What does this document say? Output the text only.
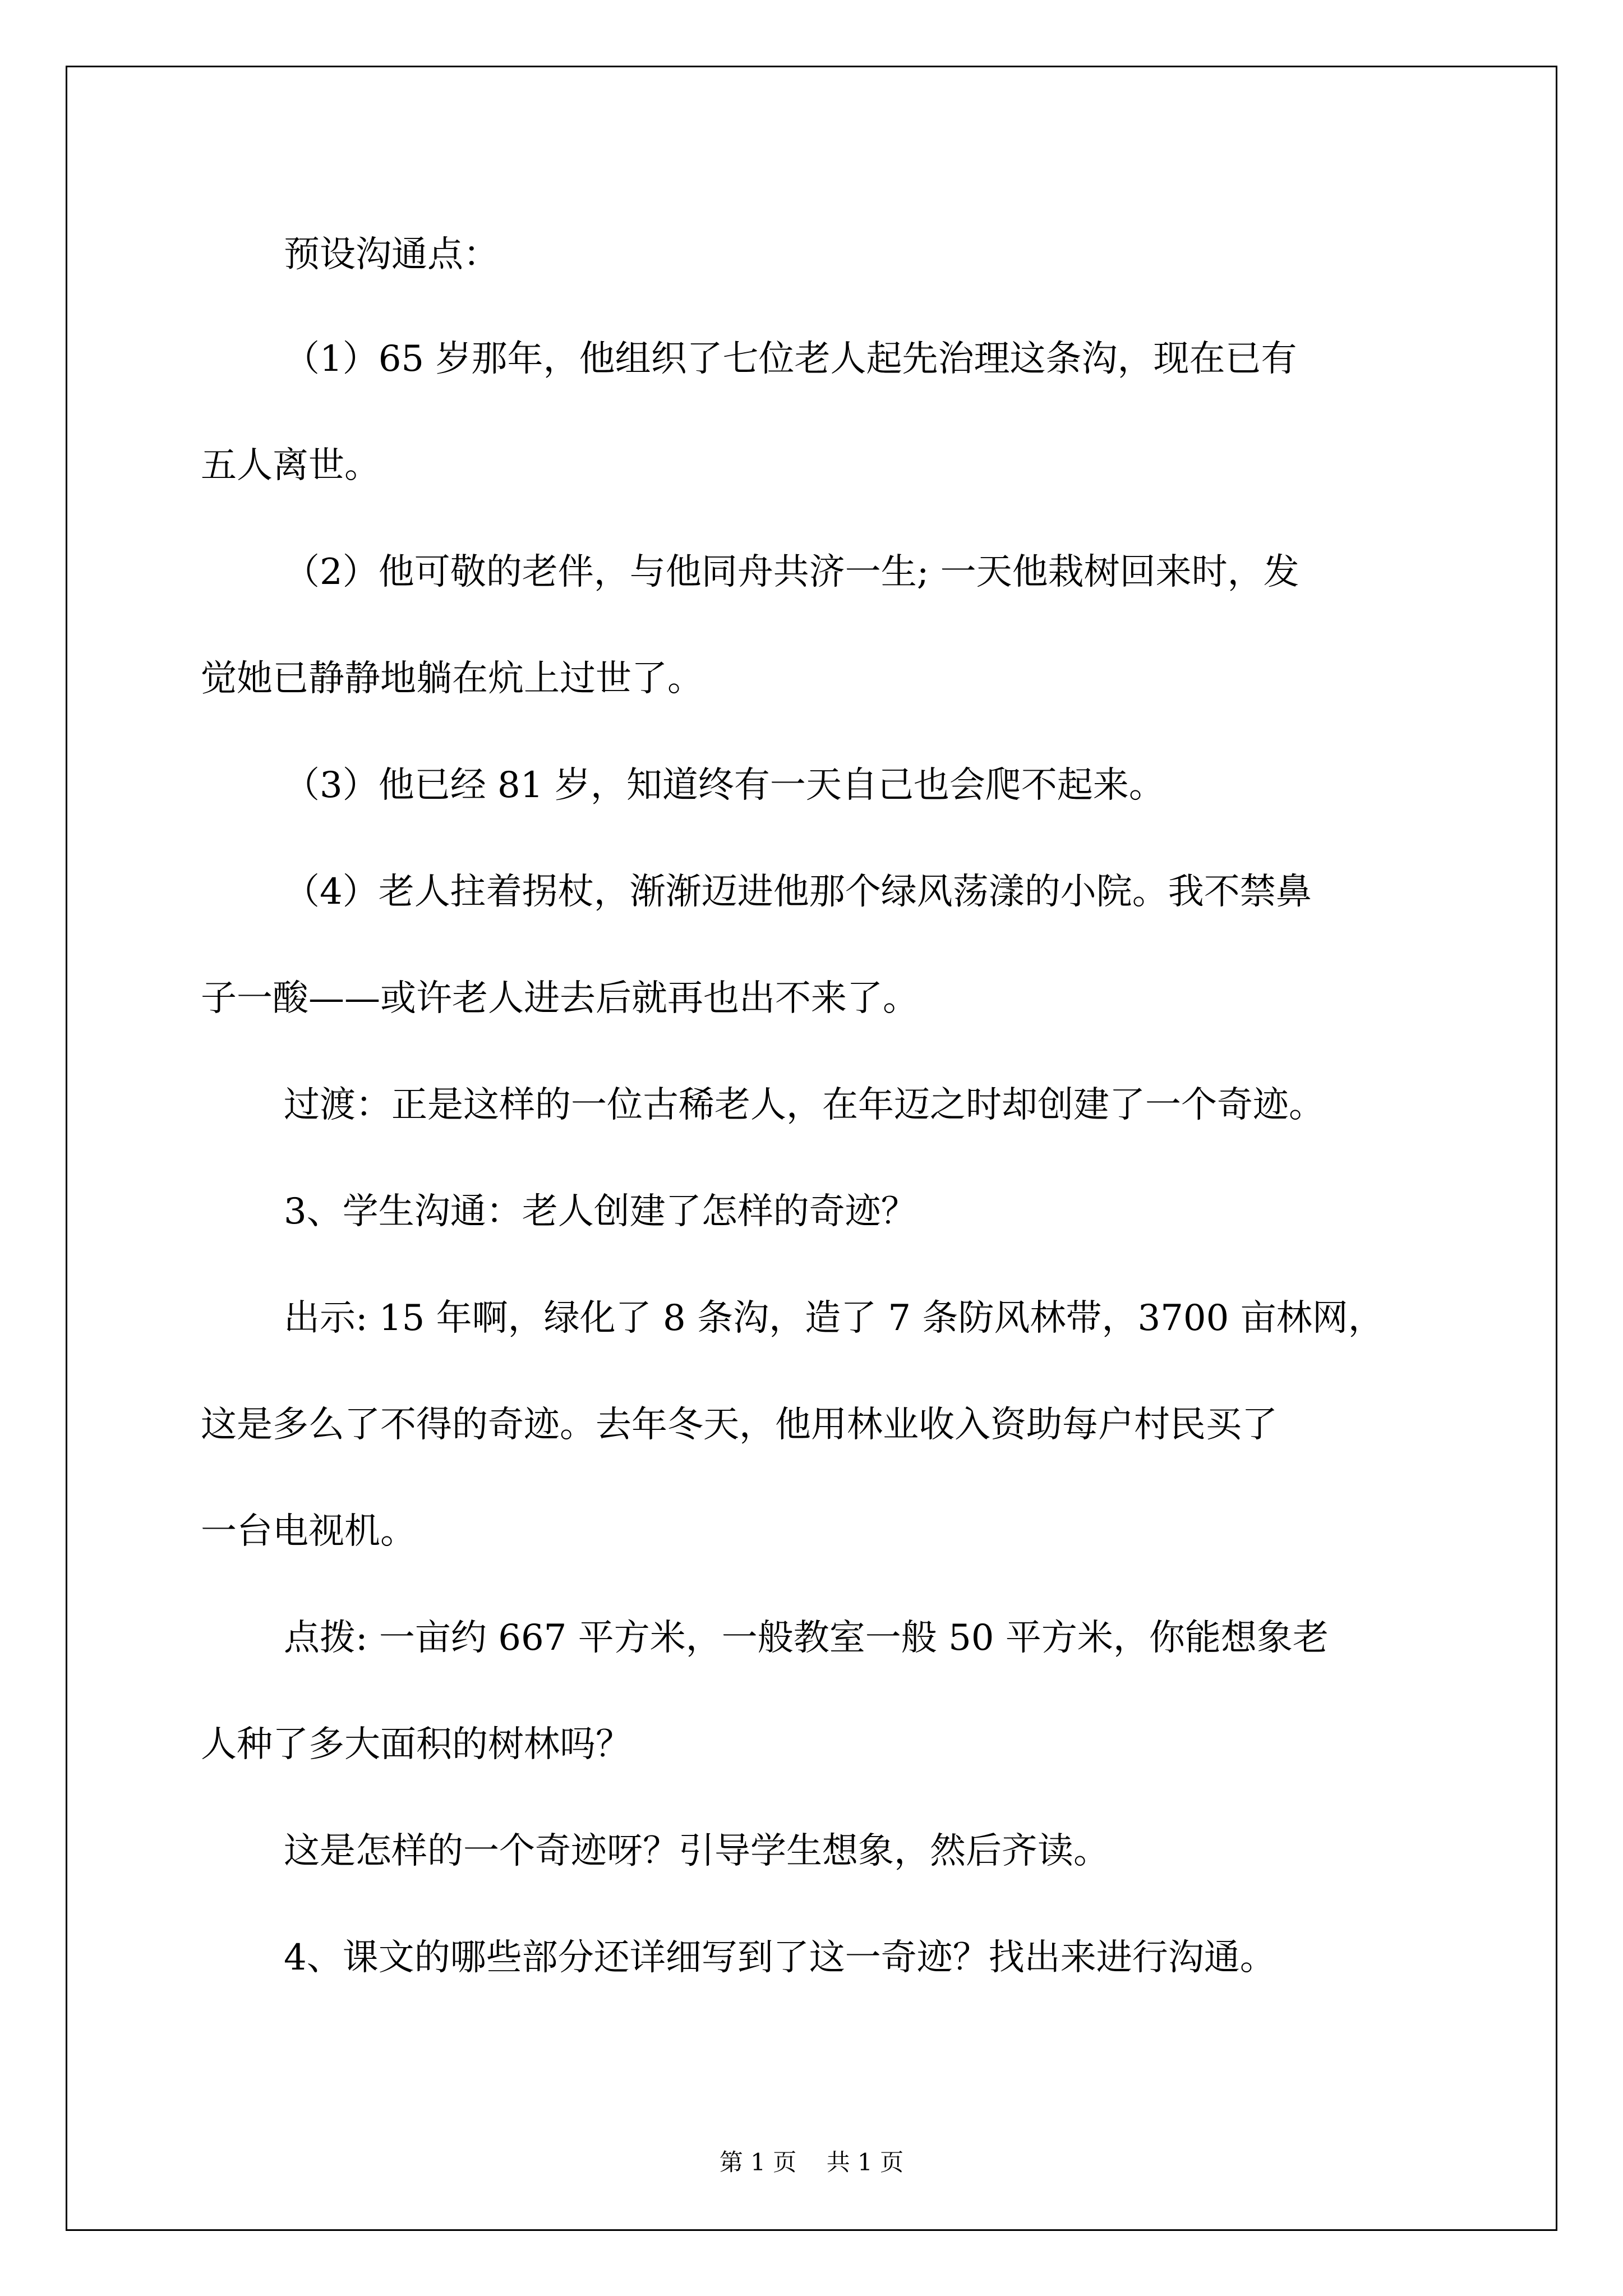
预设沟通点：
（1）65 岁那年，他组织了七位老人起先治理这条沟，现在已有
五人离世。
（2）他可敬的老伴，与他同舟共济一生; 一天他栽树回来时，发
觉她已静静地躺在炕上过世了。
（3）他已经 81 岁，知道终有一天自己也会爬不起来。
（4）老人拄着拐杖，渐渐迈进他那个绿风荡漾的小院。我不禁鼻
子一酸——或许老人进去后就再也出不来了。
过渡：正是这样的一位古稀老人，在年迈之时却创建了一个奇迹。
3、学生沟通：老人创建了怎样的奇迹？
出示: 15 年啊，绿化了 8 条沟，造了 7 条防风林带，3700 亩林网，
这是多么了不得的奇迹。去年冬天，他用林业收入资助每户村民买了
一台电视机。
点拨: 一亩约 667 平方米，一般教室一般 50 平方米，你能想象老
人种了多大面积的树林吗？
这是怎样的一个奇迹呀？引导学生想象，然后齐读。
4、课文的哪些部分还详细写到了这一奇迹？找出来进行沟通。
第 1 页    共 1 页
